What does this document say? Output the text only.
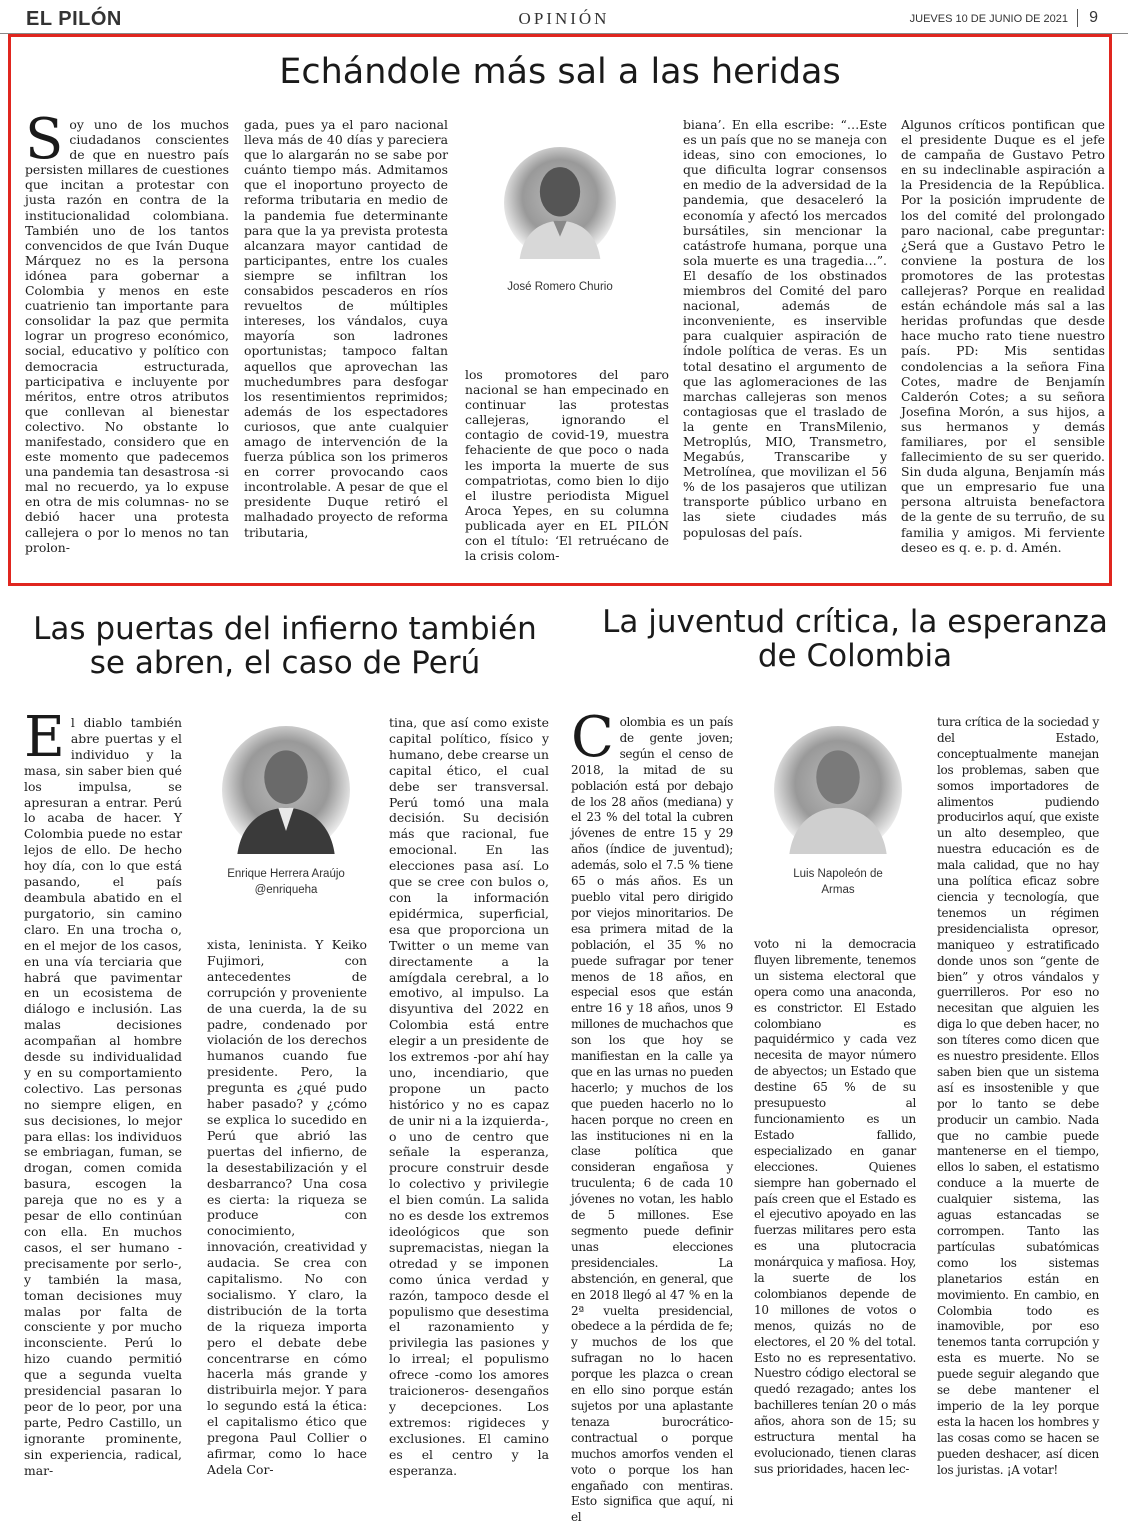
EL PILÓN	OPINIÓN	JUEVES 10 DE JUNIO DE 2021 9
Echándole más sal a las heridas
S oy uno de los muchos ciudadanos conscientes de que en nuestro país persisten millares de cuestiones que incitan a protestar con justa razón en contra de la institucionalidad colombiana. También uno de los tantos convencidos de que Iván Duque Márquez no es la persona idónea para gobernar a Colombia y menos en este cuatrienio tan importante para consolidar la paz que permita lograr un progreso económico, social, educativo y político con democracia estructurada, participativa e incluyente por méritos, entre otros atributos que conllevan al bienestar colectivo. No obstante lo manifestado, considero que en este momento que padecemos una pandemia tan desastrosa -si mal no recuerdo, ya lo expuse en otra de mis columnas- no se debió hacer una protesta callejera o por lo menos no tan prolon-
gada, pues ya el paro nacional lleva más de 40 días y pareciera que lo alargarán no se sabe por cuánto tiempo más. Admitamos que el inoportuno proyecto de reforma tributaria en medio de la pandemia fue determinante para que la ya prevista protesta alcanzara mayor cantidad de participantes, entre los cuales siempre se infiltran los consabidos pescaderos en ríos revueltos de múltiples intereses, los vándalos, cuya mayoría son ladrones oportunistas; tampoco faltan aquellos que aprovechan las muchedumbres para desfogar los resentimientos reprimidos; además de los espectadores curiosos, que ante cualquier amago de intervención de la fuerza pública son los primeros en correr provocando caos incontrolable. A pesar de que el presidente Duque retiró el malhadado proyecto de reforma tributaria,
José Romero Churio
los promotores del paro nacional se han empecinado en continuar las protestas callejeras, ignorando el contagio de covid-19, muestra fehaciente de que poco o nada les importa la muerte de sus compatriotas, como bien lo dijo el ilustre periodista Miguel Aroca Yepes, en su columna publicada ayer en EL PILÓN con el título: ‘El retruécano de la crisis colom-
biana’. En ella escribe: “…Este es un país que no se maneja con ideas, sino con emociones, lo que dificulta lograr consensos en medio de la adversidad de la pandemia, que desaceleró la economía y afectó los mercados bursátiles, sin mencionar la catástrofe humana, porque una sola muerte es una tragedia…”. El desafío de los obstinados miembros del Comité del paro nacional, además de inconveniente, es inservible para cualquier aspiración de índole política de veras. Es un total desatino el argumento de que las aglomeraciones de las marchas callejeras son menos contagiosas que el traslado de la gente en TransMilenio, Metroplús, MIO, Transmetro, Megabús, Transcaribe y Metrolínea, que movilizan el 56 % de los pasajeros que utilizan transporte público urbano en las siete ciudades más populosas del país.
Algunos críticos pontifican que el presidente Duque es el jefe de campaña de Gustavo Petro en su indeclinable aspiración a la Presidencia de la República. Por la posición imprudente de los del comité del prolongado paro nacional, cabe preguntar: ¿Será que a Gustavo Petro le conviene la postura de los promotores de las protestas callejeras? Porque en realidad están echándole más sal a las heridas profundas que desde hace mucho rato tiene nuestro país. PD: Mis sentidas condolencias a la señora Fina Cotes, madre de Benjamín Calderón Cotes; a su señora Josefina Morón, a sus hijos, a sus hermanos y demás familiares, por el sensible fallecimiento de su ser querido. Sin duda alguna, Benjamín más que un empresario fue una persona altruista benefactora de la gente de su terruño, de su familia y amigos. Mi ferviente deseo es q. e. p. d. Amén.
Las puertas del infierno también se abren, el caso de Perú
E l diablo también abre puertas y el individuo y la masa, sin saber bien qué los impulsa, se apresuran a entrar. Perú lo acaba de hacer. Y Colombia puede no estar lejos de ello. De hecho hoy día, con lo que está pasando, el país deambula abatido en el purgatorio, sin camino claro. En una trocha o, en el mejor de los casos, en una vía terciaria que habrá que pavimentar en un ecosistema de diálogo e inclusión. Las malas decisiones acompañan al hombre desde su individualidad y en su comportamiento colectivo. Las personas no siempre eligen, en sus decisiones, lo mejor para ellas: los individuos se embriagan, fuman, se drogan, comen comida basura, escogen la pareja que no es y a pesar de ello continúan con ella. En muchos casos, el ser humano -precisamente por serlo-, y también la masa, toman decisiones muy malas por falta de consciente y por mucho inconsciente. Perú lo hizo cuando permitió que a segunda vuelta presidencial pasaran lo peor de lo peor, por una parte, Pedro Castillo, un ignorante prominente, sin experiencia, radical, mar-
Enrique Herrera Araújo
@enriqueha
xista, leninista. Y Keiko Fujimori, con antecedentes de corrupción y proveniente de una cuerda, la de su padre, condenado por violación de los derechos humanos cuando fue presidente. Pero, la pregunta es ¿qué pudo haber pasado? y ¿cómo se explica lo sucedido en Perú que abrió las puertas del infierno, de la desestabilización y el desbarranco? Una cosa es cierta: la riqueza se produce con conocimiento, innovación, creatividad y audacia. Se crea con capitalismo. No con socialismo. Y claro, la distribución de la torta de la riqueza importa pero el debate debe concentrarse en cómo hacerla más grande y distribuirla mejor. Y para lo segundo está la ética: el capitalismo ético que pregona Paul Collier o afirmar, como lo hace Adela Cor-
tina, que así como existe capital político, físico y humano, debe crearse un capital ético, el cual debe ser transversal. Perú tomó una mala decisión. Su decisión más que racional, fue emocional. En las elecciones pasa así. Lo que se cree con bulos o, con la información epidérmica, superficial, esa que proporciona un Twitter o un meme van directamente a la amígdala cerebral, a lo emotivo, al impulso. La disyuntiva del 2022 en Colombia está entre elegir a un presidente de los extremos -por ahí hay uno, incendiario, que propone un pacto histórico y no es capaz de unir ni a la izquierda-, o uno de centro que señale la esperanza, procure construir desde lo colectivo y privilegie el bien común. La salida no es desde los extremos ideológicos que son supremacistas, niegan la otredad y se imponen como única verdad y razón, tampoco desde el populismo que desestima el razonamiento y privilegia las pasiones y lo irreal; el populismo ofrece -como los amores traicioneros- desengaños y decepciones. Los extremos: rigideces y exclusiones. El camino es el centro y la esperanza.
La juventud crítica, la esperanza de Colombia
C olombia es un país de gente joven; según el censo de 2018, la mitad de su población está por debajo de los 28 años (mediana) y el 23 % del total la cubren jóvenes de entre 15 y 29 años (índice de juventud); además, solo el 7.5 % tiene 65 o más años. Es un pueblo vital pero dirigido por viejos minoritarios. De esa primera mitad de la población, el 35 % no puede sufragar por tener menos de 18 años, en especial esos que están entre 16 y 18 años, unos 9 millones de muchachos que son los que hoy se manifiestan en la calle ya que en las urnas no pueden hacerlo; y muchos de los que pueden hacerlo no lo hacen porque no creen en las instituciones ni en la clase política que consideran engañosa y truculenta; 6 de cada 10 jóvenes no votan, les hablo de 5 millones. Ese segmento puede definir unas elecciones presidenciales. La abstención, en general, que en 2018 llegó al 47 % en la 2ª vuelta presidencial, obedece a la pérdida de fe; y muchos de los que sufragan no lo hacen porque les plazca o crean en ello sino porque están sujetos por una aplastante tenaza burocrático-contractual o porque muchos amorfos venden el voto o porque los han engañado con mentiras. Esto significa que aquí, ni el
Luis Napoleón de
Armas
voto ni la democracia fluyen libremente, tenemos un sistema electoral que opera como una anaconda, es constrictor. El Estado colombiano es paquidérmico y cada vez necesita de mayor número de abyectos; un Estado que destine 65 % de su presupuesto al funcionamiento es un Estado fallido, especializado en ganar elecciones. Quienes siempre han gobernado el país creen que el Estado es el ejecutivo apoyado en las fuerzas militares pero esta es una plutocracia monárquica y mafiosa. Hoy, la suerte de los colombianos depende de 10 millones de votos o menos, quizás no de electores, el 20 % del total. Esto no es representativo. Nuestro código electoral se quedó rezagado; antes los bachilleres tenían 20 o más años, ahora son de 15; su estructura mental ha evolucionado, tienen claras sus prioridades, hacen lec-
tura crítica de la sociedad y del Estado, conceptualmente manejan los problemas, saben que somos importadores de alimentos pudiendo producirlos aquí, que existe un alto desempleo, que nuestra educación es de mala calidad, que no hay una política eficaz sobre ciencia y tecnología, que tenemos un régimen presidencialista opresor, maniqueo y estratificado donde unos son “gente de bien” y otros vándalos y guerrilleros. Por eso no necesitan que alguien les diga lo que deben hacer, no son títeres como dicen que es nuestro presidente. Ellos saben bien que un sistema así es insostenible y que por lo tanto se debe producir un cambio. Nada que no cambie puede mantenerse en el tiempo, ellos lo saben, el estatismo conduce a la muerte de cualquier sistema, las aguas estancadas se corrompen. Tanto las partículas subatómicas como los sistemas planetarios están en movimiento. En cambio, en Colombia todo es inamovible, por eso tenemos tanta corrupción y esta es muerte. No se puede seguir alegando que se debe mantener el imperio de la ley porque esta la hacen los hombres y las cosas como se hacen se pueden deshacer, así dicen los juristas. ¡A votar!
